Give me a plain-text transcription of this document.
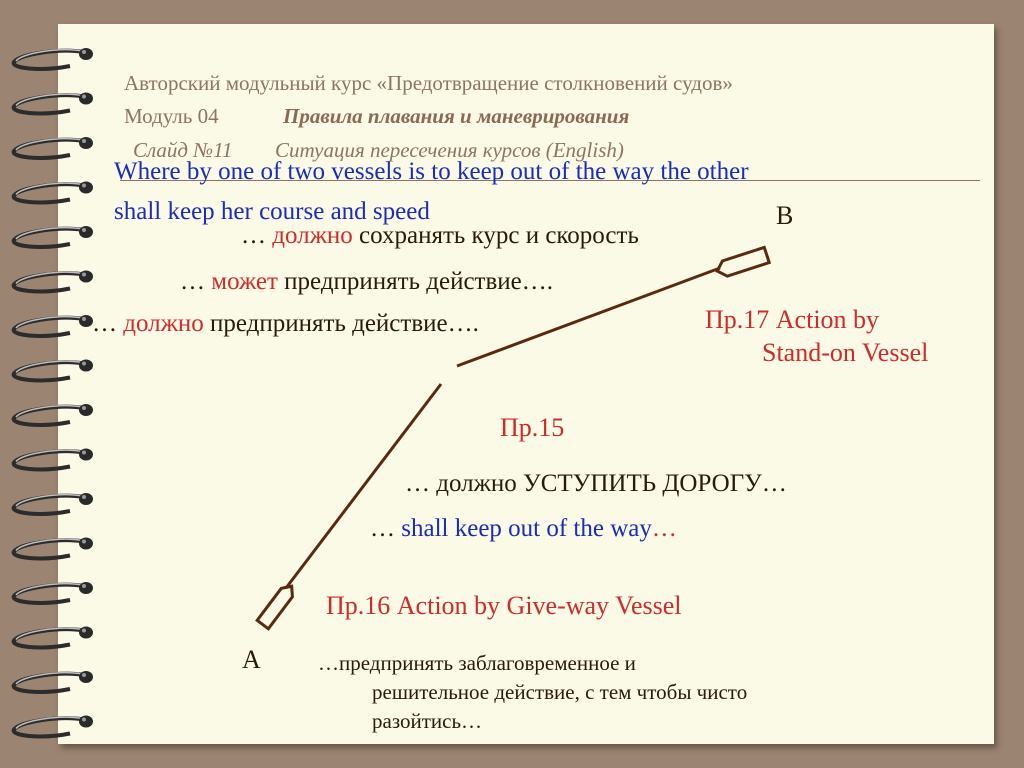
Авторский модульный курс «Предотвращение столкновений судов»
Модуль 04	Правила плавания и маневрирования
Слайд №11 Ситуация пересечения курсов (English)
Where by one of two vessels is to keep out of the way the other
shall keep her course and speed
… должно сохранять курс и скорость
… может предпринять действие….
… должно предпринять действие….
B
A
Пр.17 Action by
Stand-on Vessel
Пр.15
… должно УСТУПИТЬ ДОРОГУ…
… shall keep out of the way…
Пр.16 Action by Give-way Vessel
…предпринять заблаговременное и
решительное действие, с тем чтобы чисто
разойтись…
